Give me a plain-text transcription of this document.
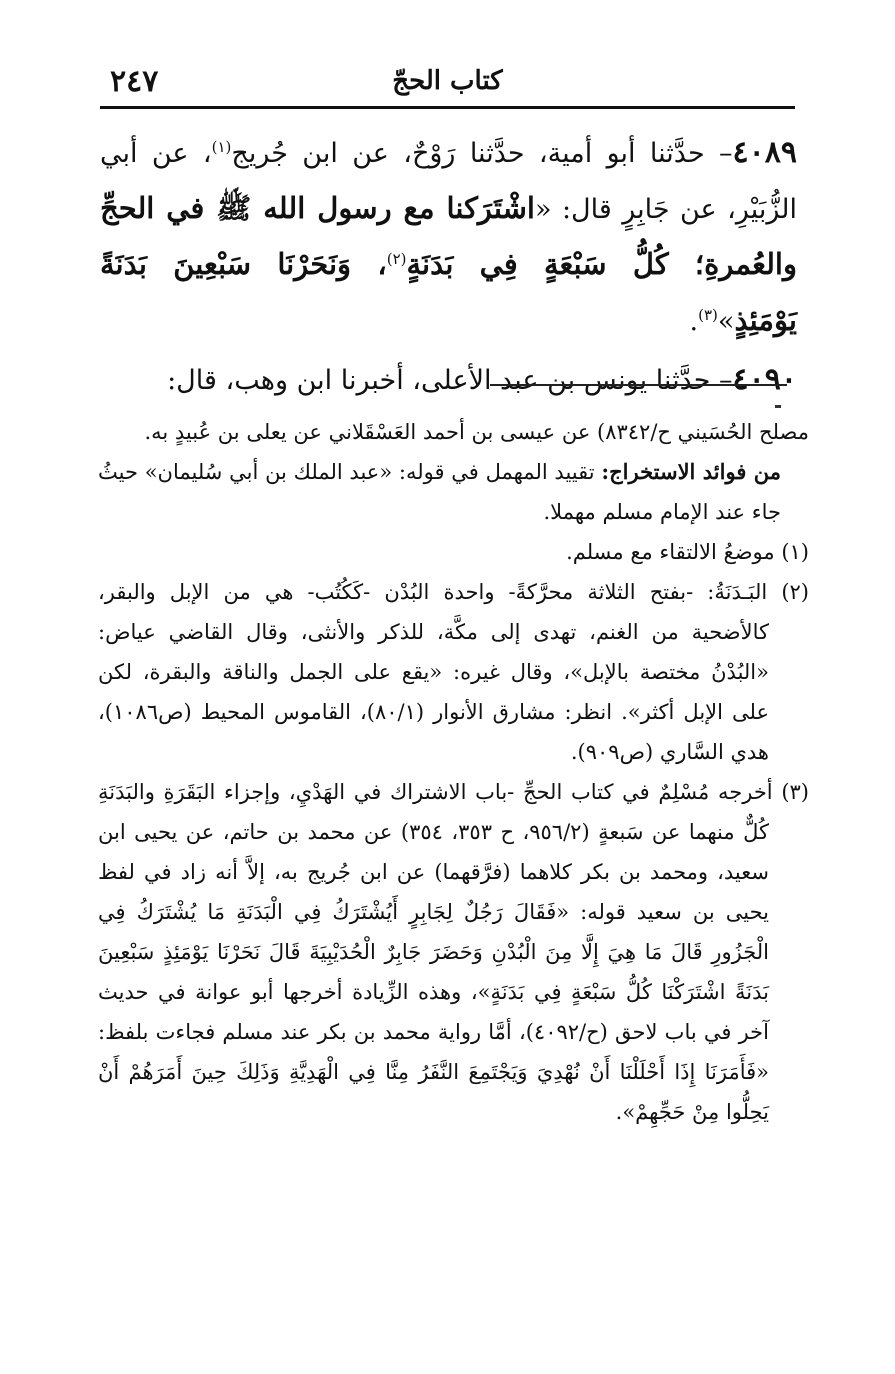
كتاب الحجّ
٢٤٧

٤٠٨٩– حدَّثنا أبو أمية، حدَّثنا رَوْحٌ، عن ابن جُريج$^{(١)}$، عن أبي الزُّبَيْرِ، عن جَابِرٍ قال: «اشْتَرَكنا مع رسول الله ﷺ في الحجِّ والعُمرةِ؛ كُلُّ سَبْعَةٍ فِي بَدَنَةٍ$^{(٢)}$، وَنَحَرْنَا سَبْعِينَ بَدَنَةً يَوْمَئِذٍ»$^{(٣)}$.

٤٠٩٠– حدَّثنا يونس بن عبد الأعلى، أخبرنا ابن وهب، قال:

مصلح الحُسَيني ح/٨٣٤٢) عن عيسى بن أحمد العَسْقَلاني عن يعلى بن عُبيدٍ به.

من فوائد الاستخراج: تقييد المهمل في قوله: «عبد الملك بن أبي سُليمان» حيثُ جاء عند الإمام مسلم مهملا.

(١) موضعُ الالتقاء مع مسلم.

(٢) البَـدَنَةُ: -بفتح الثلاثة محرَّكةً- واحدة البُدْن -كَكُتُب- هي من الإبل والبقر، كالأضحية من الغنم، تهدى إلى مكَّة، للذكر والأنثى، وقال القاضي عياض: «البُدْنُ مختصة بالإبل»، وقال غيره: «يقع على الجمل والناقة والبقرة، لكن على الإبل أكثر». انظر: مشارق الأنوار (٨٠/١)، القاموس المحيط (ص١٠٨٦)، هدي السَّاري (ص٩٠٩).

(٣) أخرجه مُسْلِمٌ في كتاب الحجِّ -باب الاشتراك في الهَدْيِ، وإجزاء البَقَرَةِ والبَدَنَةِ كُلٌّ منهما عن سَبعةٍ (٩٥٦/٢، ح ٣٥٣، ٣٥٤) عن محمد بن حاتم، عن يحيى ابن سعيد، ومحمد بن بكر كلاهما (فرَّقهما) عن ابن جُريج به، إلاَّ أنه زاد في لفظ يحيى بن سعيد قوله: «فَقَالَ رَجُلٌ لِجَابِرٍ أَيُشْتَرَكُ فِي الْبَدَنَةِ مَا يُشْتَرَكُ فِي الْجَزُورِ قَالَ مَا هِيَ إِلَّا مِنَ الْبُدْنِ وَحَضَرَ جَابِرٌ الْحُدَيْبِيَةَ قَالَ نَحَرْنَا يَوْمَئِذٍ سَبْعِينَ بَدَنَةً اشْتَرَكْنَا كُلُّ سَبْعَةٍ فِي بَدَنَةٍ»، وهذه الزِّيادة أخرجها أبو عوانة في حديث آخر في باب لاحق (ح/٤٠٩٢)، أمَّا رواية محمد بن بكر عند مسلم فجاءت بلفظ: «فَأَمَرَنَا إِذَا أَحْلَلْنَا أَنْ نُهْدِيَ وَيَجْتَمِعَ النَّفَرُ مِنَّا فِي الْهَدِيَّةِ وَذَلِكَ حِينَ أَمَرَهُمْ أَنْ يَحِلُّوا مِنْ حَجِّهِمْ».
